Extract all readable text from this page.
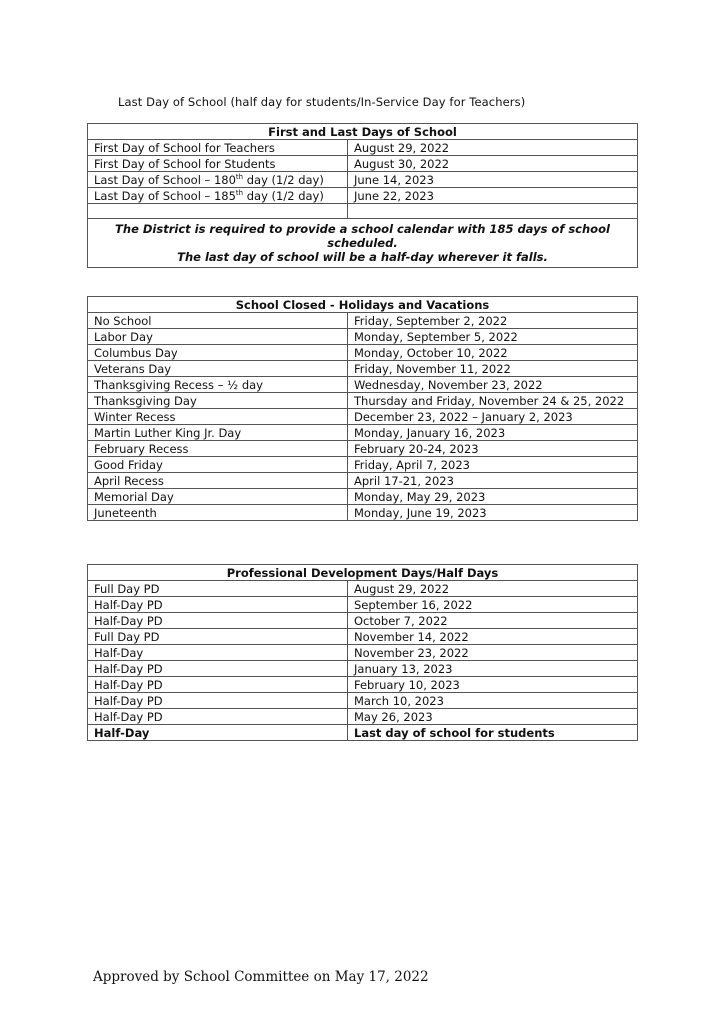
Last Day of School (half day for students/In-Service Day for Teachers)
First and Last Days of School	
First Day of School for Teachers	August 29, 2022
First Day of School for Students	August 30, 2022
Last Day of School – 180th day (1/2 day)	June 14, 2023
Last Day of School – 185th day (1/2 day)	June 22, 2023

The District is required to provide a school calendar with 185 days of school scheduled.
The last day of school will be a half-day wherever it falls.	
School Closed - Holidays and Vacations	
No School	Friday, September 2, 2022
Labor Day	Monday, September 5, 2022
Columbus Day	Monday, October 10, 2022
Veterans Day	Friday, November 11, 2022
Thanksgiving Recess – ½ day	Wednesday, November 23, 2022
Thanksgiving Day	Thursday and Friday, November 24 & 25, 2022
Winter Recess	December 23, 2022 – January 2, 2023
Martin Luther King Jr. Day	Monday, January 16, 2023
February Recess	February 20-24, 2023
Good Friday	Friday, April 7, 2023
April Recess	April 17-21, 2023
Memorial Day	Monday, May 29, 2023
Juneteenth	Monday, June 19, 2023
Professional Development Days/Half Days	
Full Day PD	August 29, 2022
Half-Day PD	September 16, 2022
Half-Day PD	October 7, 2022
Full Day PD	November 14, 2022
Half-Day	November 23, 2022
Half-Day PD	January 13, 2023
Half-Day PD	February 10, 2023
Half-Day PD	March 10, 2023
Half-Day PD	May 26, 2023
Half-Day	Last day of school for students
Approved by School Committee on May 17, 2022
